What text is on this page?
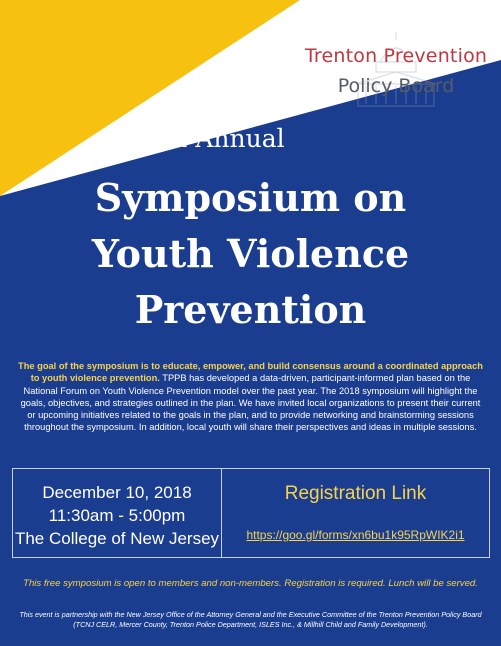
Trenton Prevention
Policy Board
2nd Annual
Symposium on
Youth Violence
Prevention
The goal of the symposium is to educate, empower, and build consensus around a coordinated approach to youth violence prevention. TPPB has developed a data-driven, participant-informed plan based on the National Forum on Youth Violence Prevention model over the past year. The 2018 symposium will highlight the goals, objectives, and strategies outlined in the plan. We have invited local organizations to present their current or upcoming initiatives related to the goals in the plan, and to provide networking and brainstorming sessions throughout the symposium. In addition, local youth will share their perspectives and ideas in multiple sessions.
December 10, 2018
11:30am - 5:00pm
The College of New Jersey
Registration Link
https://goo.gl/forms/xn6bu1k95RpWIK2i1
This free symposium is open to members and non-members. Registration is required. Lunch will be served.
This event is partnership with the New Jersey Office of the Attorney General and the Executive Committee of the Trenton Prevention Policy Board (TCNJ CELR, Mercer County, Trenton Police Department, ISLES Inc., & Millhill Child and Family Development).
